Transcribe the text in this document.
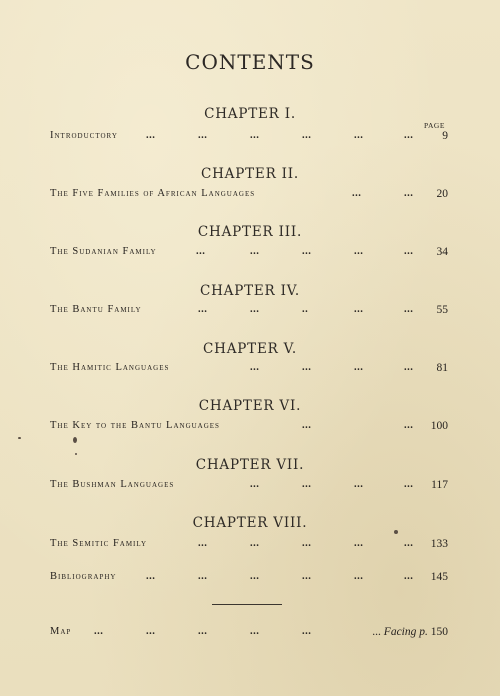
CONTENTS
PAGE
CHAPTER I.
Introductory	...	...	...	...	...	...	9
CHAPTER II.
The Five Families of African Languages	...	... 20
CHAPTER III.
The Sudanian Family	...	...	...	...	... 34
CHAPTER IV.
The Bantu Family	...	...	..	...	... 55
CHAPTER V.
The Hamitic Languages	...	...	...	... 81
CHAPTER VI.
The Key to the Bantu Languages	...	... 100
CHAPTER VII.
The Bushman Languages	...	...	...	... 117
CHAPTER VIII.
The Semitic Family	...	...	...	...	... 133
Bibliography	...	...	...	...	...	... 145
Map ...	...	...	...	...	... Facing p. 150
